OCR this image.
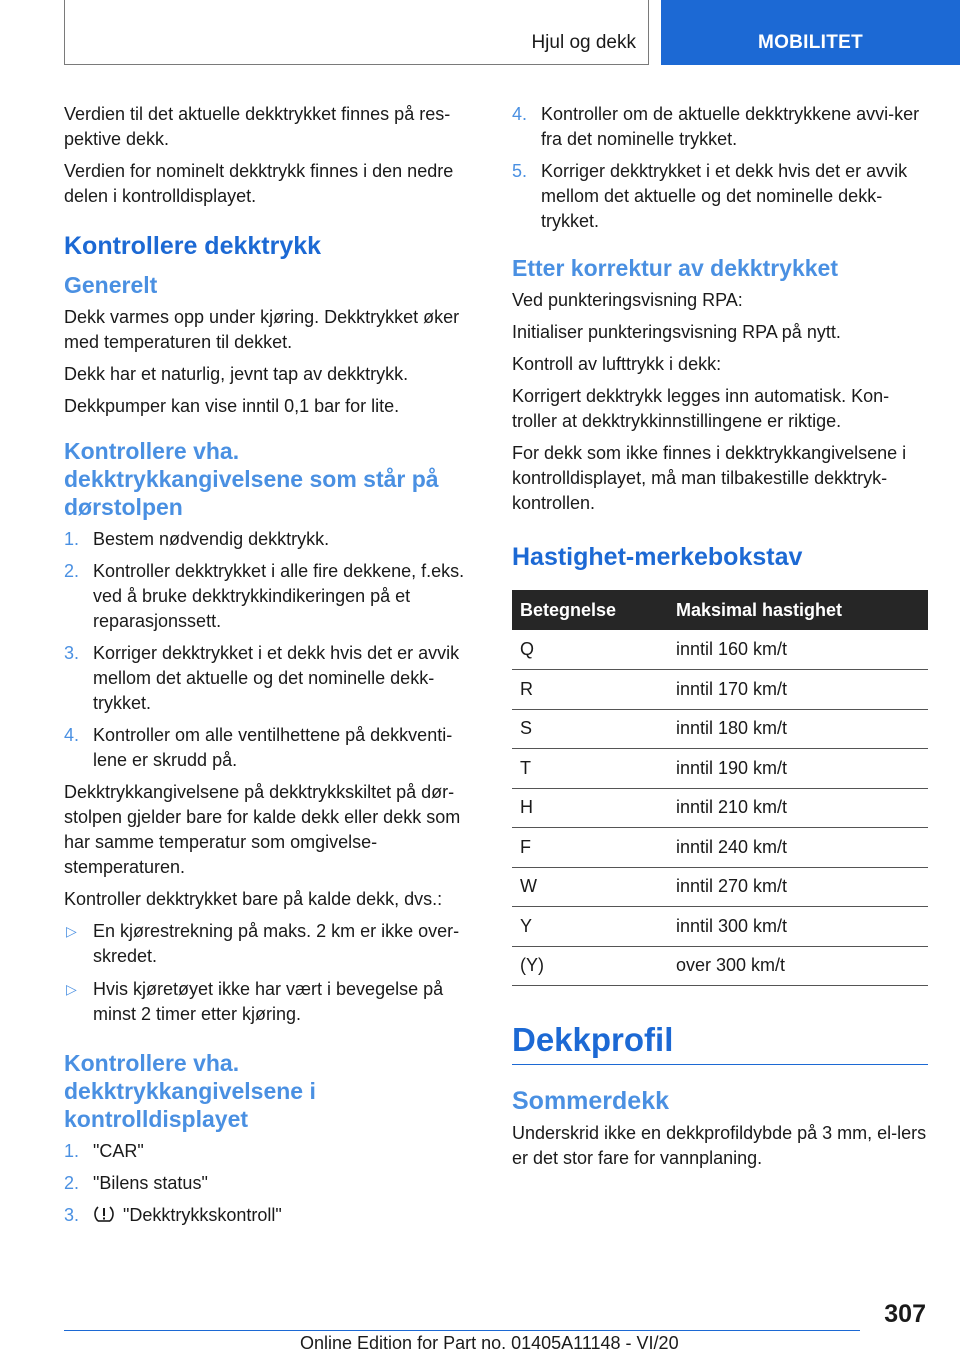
Hjul og dekk	MOBILITET

Verdien til det aktuelle dekktrykket finnes på res-pektive dekk.

Verdien for nominelt dekktrykk finnes i den nedre delen i kontrolldisplayet.

Kontrollere dekktrykk
Generelt

Dekk varmes opp under kjøring. Dekktrykket øker med temperaturen til dekket.

Dekk har et naturlig, jevnt tap av dekktrykk.

Dekkpumper kan vise inntil 0,1 bar for lite.

Kontrollere vha. dekktrykkangivelsene som står på dørstolpen
1. Bestem nødvendig dekktrykk.
2. Kontroller dekktrykket i alle fire dekkene, f.eks. ved å bruke dekktrykkindikeringen på et reparasjonssett.
3. Korriger dekktrykket i et dekk hvis det er avvik mellom det aktuelle og det nominelle dekk-trykket.
4. Kontroller om alle ventilhettene på dekkventi-lene er skrudd på.

Dekktrykkangivelsene på dekktrykkskiltet på dør-stolpen gjelder bare for kalde dekk eller dekk som har samme temperatur som omgivelse-stemperaturen.

Kontroller dekktrykket bare på kalde dekk, dvs.:

▷ En kjørestrekning på maks. 2 km er ikke over-skredet.
▷ Hvis kjøretøyet ikke har vært i bevegelse på minst 2 timer etter kjøring.
Kontrollere vha. dekktrykkangivelsene i kontrolldisplayet
1. "CAR"
2. "Bilens status"
3. "Dekktrykkskontroll"
4. Kontroller om de aktuelle dekktrykkene avvi-ker fra det nominelle trykket.
5. Korriger dekktrykket i et dekk hvis det er avvik mellom det aktuelle og det nominelle dekk-trykket.
Etter korrektur av dekktrykket

Ved punkteringsvisning RPA:

Initialiser punkteringsvisning RPA på nytt.

Kontroll av lufttrykk i dekk:

Korrigert dekktrykk legges inn automatisk. Kon-troller at dekktrykkinnstillingene er riktige.

For dekk som ikke finnes i dekktrykkangivelsene i kontrolldisplayet, må man tilbakestille dekktryk-kontrollen.

Hastighet-merkebokstav
Betegnelse	Maksimal hastighet
Q	inntil 160 km/t
R	inntil 170 km/t
S	inntil 180 km/t
T	inntil 190 km/t
H	inntil 210 km/t
F	inntil 240 km/t
W	inntil 270 km/t
Y	inntil 300 km/t
(Y)	over 300 km/t
Dekkprofil
Sommerdekk

Underskrid ikke en dekkprofildybde på 3 mm, el-lers er det stor fare for vannplaning.

307
Online Edition for Part no. 01405A11148 - VI/20
